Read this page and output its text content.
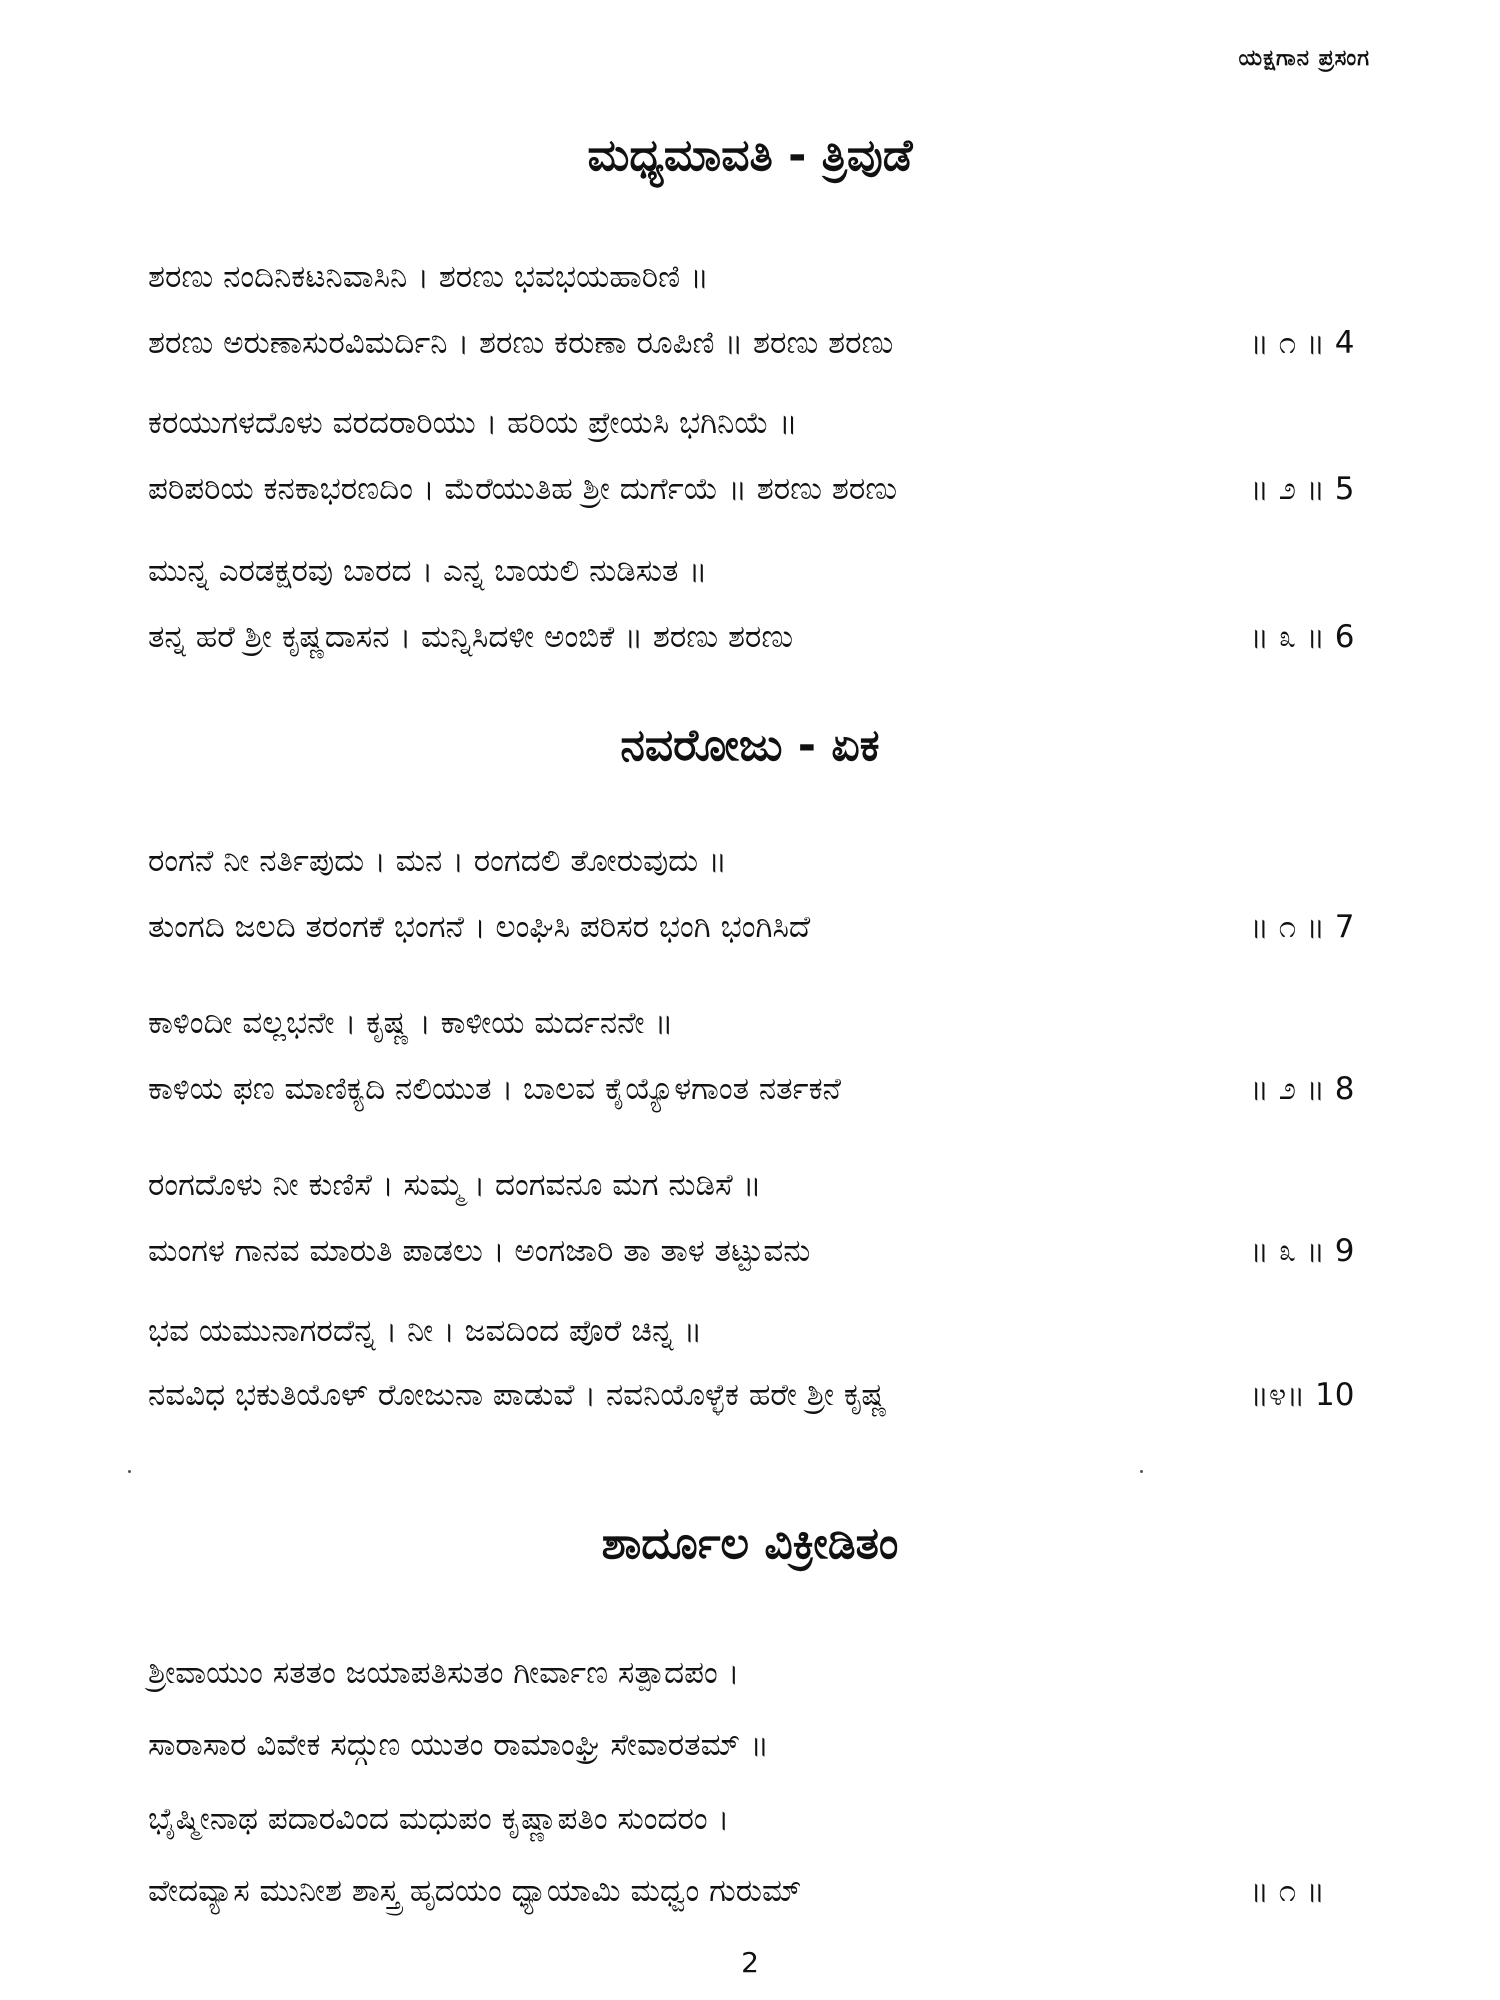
ಯಕ್ಷಗಾನ ಪ್ರಸಂಗ
ಮಧ್ಯಮಾವತಿ - ತ್ರಿವುಡೆ
ಶರಣು ನಂದಿನಿಕಟನಿವಾಸಿನಿ । ಶರಣು ಭವಭಯಹಾರಿಣಿ ॥
ಶರಣು ಅರುಣಾಸುರವಿಮರ್ದಿನಿ । ಶರಣು ಕರುಣಾ ರೂಪಿಣಿ ॥ ಶರಣು ಶರಣು	॥ ೧ ॥ 4
ಕರಯುಗಳದೊಳು ವರದರಾರಿಯು । ಹರಿಯ ಪ್ರೇಯಸಿ ಭಗಿನಿಯೆ ॥
ಪರಿಪರಿಯ ಕನಕಾಭರಣದಿಂ । ಮೆರೆಯುತಿಹ ಶ್ರೀ ದುರ್ಗೆಯೆ ॥ ಶರಣು ಶರಣು	॥ ೨ ॥ 5
ಮುನ್ನ ಎರಡಕ್ಷರವು ಬಾರದ । ಎನ್ನ ಬಾಯಲಿ ನುಡಿಸುತ ॥
ತನ್ನ ಹರೆ ಶ್ರೀ ಕೃಷ್ಣದಾಸನ । ಮನ್ನಿಸಿದಳೀ ಅಂಬಿಕೆ ॥ ಶರಣು ಶರಣು	॥ ೩ ॥ 6
ನವರೋಜು - ಏಕ
ರಂಗನೆ ನೀ ನರ್ತಿಪುದು । ಮನ । ರಂಗದಲಿ ತೋರುವುದು ॥
ತುಂಗದಿ ಜಲದಿ ತರಂಗಕೆ ಭಂಗನೆ । ಲಂಘಿಸಿ ಪರಿಸರ ಭಂಗಿ ಭಂಗಿಸಿದೆ	॥ ೧ ॥ 7
ಕಾಳಿಂದೀ ವಲ್ಲಭನೇ । ಕೃಷ್ಣ । ಕಾಳೀಯ ಮರ್ದನನೇ ॥
ಕಾಳಿಯ ಫಣ ಮಾಣಿಕ್ಯದಿ ನಲಿಯುತ । ಬಾಲವ ಕೈಯ್ಯೊಳಗಾಂತ ನರ್ತಕನೆ	॥ ೨ ॥ 8
ರಂಗದೊಳು ನೀ ಕುಣಿಸೆ । ಸುಮ್ಮ । ದಂಗವನೂ ಮಗ ನುಡಿಸೆ ॥
ಮಂಗಳ ಗಾನವ ಮಾರುತಿ ಪಾಡಲು । ಅಂಗಜಾರಿ ತಾ ತಾಳ ತಟ್ಟುವನು	॥ ೩ ॥ 9
ಭವ ಯಮುನಾಗರದೆನ್ನ । ನೀ । ಜವದಿಂದ ಪೊರೆ ಚಿನ್ನ ॥
ನವವಿಧ ಭಕುತಿಯೊಳ್ ರೋಜುನಾ ಪಾಡುವೆ । ನವನಿಯೊಳ್ಳೆಕ ಹರೇ ಶ್ರೀ ಕೃಷ್ಣ	॥೪॥ 10
ಶಾರ್ದೂಲ ವಿಕ್ರೀಡಿತಂ
ಶ್ರೀವಾಯುಂ ಸತತಂ ಜಯಾಪತಿಸುತಂ ಗೀರ್ವಾಣ ಸತ್ಪಾದಪಂ ।
ಸಾರಾಸಾರ ವಿವೇಕ ಸದ್ಗುಣ ಯುತಂ ರಾಮಾಂಘ್ರಿ ಸೇವಾರತಮ್ ॥
ಭೈಷ್ಮೀನಾಥ ಪದಾರವಿಂದ ಮಧುಪಂ ಕೃಷ್ಣಾಪತಿಂ ಸುಂದರಂ ।
ವೇದವ್ಯಾಸ ಮುನೀಶ ಶಾಸ್ತ್ರ ಹೃದಯಂ ಧ್ಯಾಯಾಮಿ ಮಧ್ವಂ ಗುರುಮ್	॥ ೧ ॥
2
